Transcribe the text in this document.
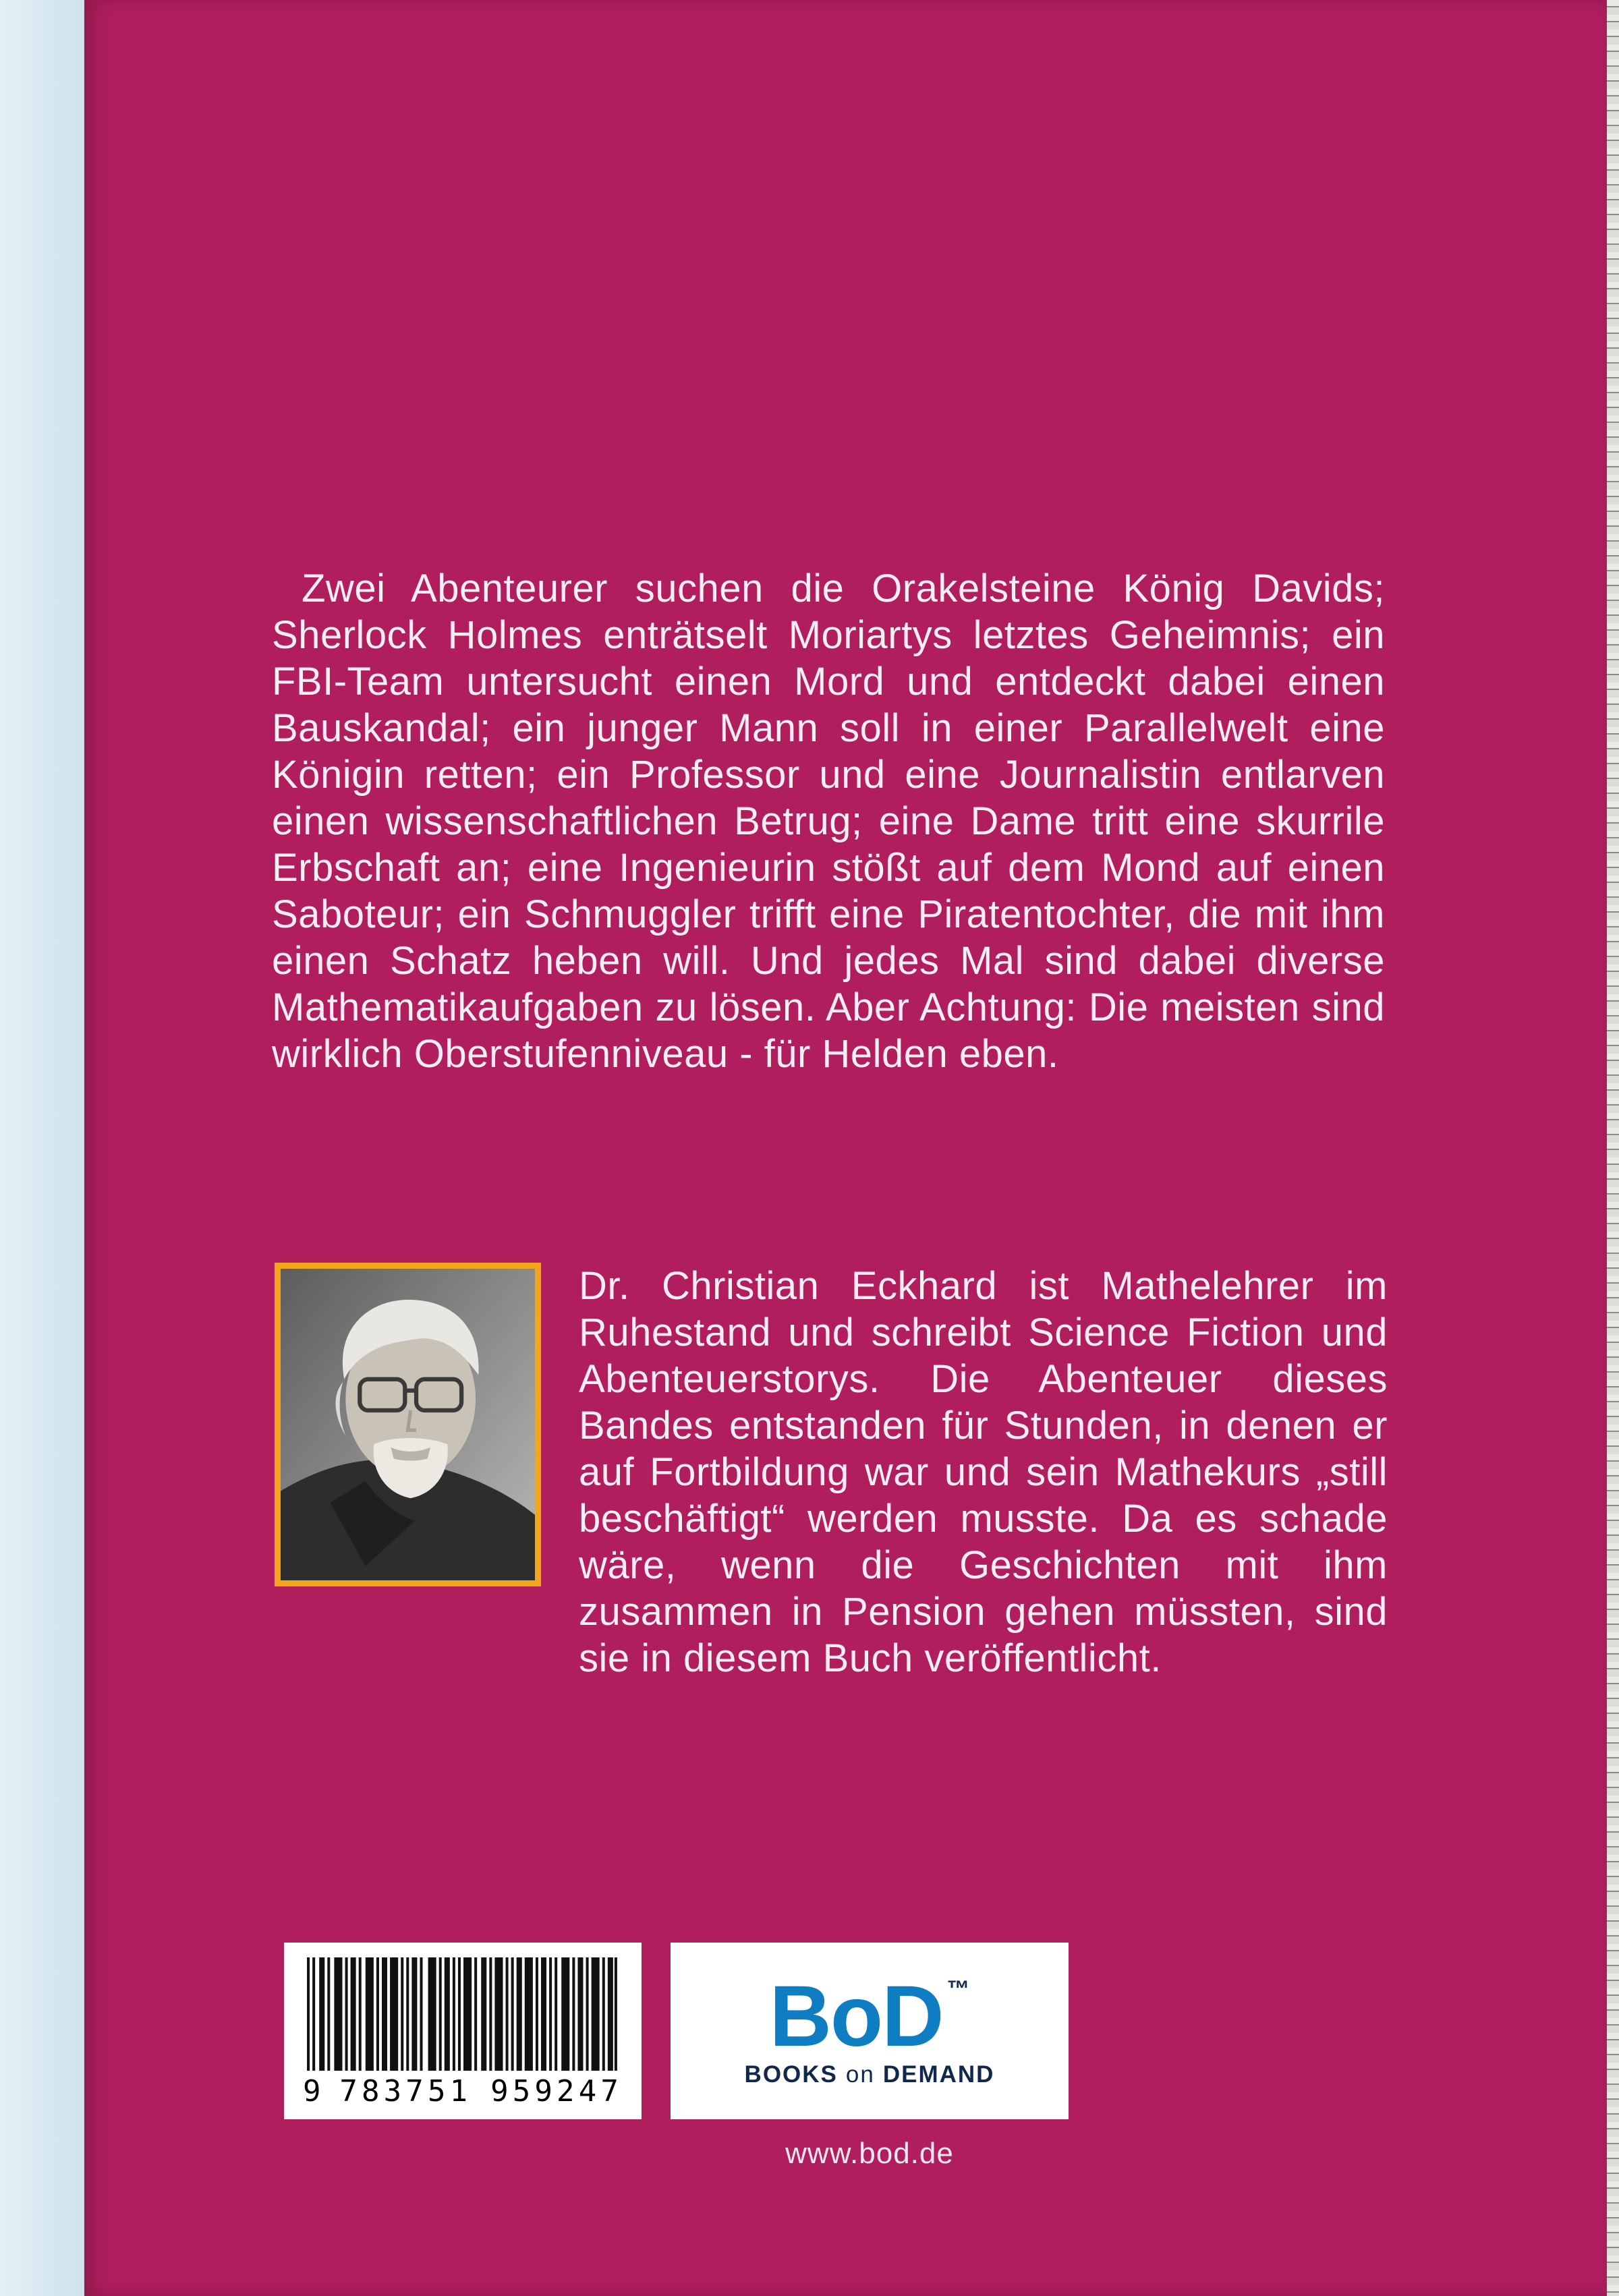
Zwei Abenteurer suchen die Orakelsteine König Davids; Sherlock Holmes enträtselt Moriartys letztes Geheimnis; ein FBI-Team untersucht einen Mord und entdeckt dabei einen Bauskandal; ein junger Mann soll in einer Parallelwelt eine Königin retten; ein Professor und eine Journalistin entlarven einen wissenschaftlichen Betrug; eine Dame tritt eine skurrile Erbschaft an; eine Ingenieurin stößt auf dem Mond auf einen Saboteur; ein Schmuggler trifft eine Piratentochter, die mit ihm einen Schatz heben will. Und jedes Mal sind dabei diverse Mathematikaufgaben zu lösen. Aber Achtung: Die meisten sind wirklich Oberstufenniveau - für Helden eben.
Dr. Christian Eckhard ist Mathelehrer im Ruhestand und schreibt Science Fiction und Abenteuerstorys. Die Abenteuer dieses Bandes entstanden für Stunden, in denen er auf Fortbildung war und sein Mathekurs „still beschäftigt“ werden musste. Da es schade wäre, wenn die Geschichten mit ihm zusammen in Pension gehen müssten, sind sie in diesem Buch veröffentlicht.
9 783751 959247
BoD ™
BOOKS on DEMAND
www.bod.de
